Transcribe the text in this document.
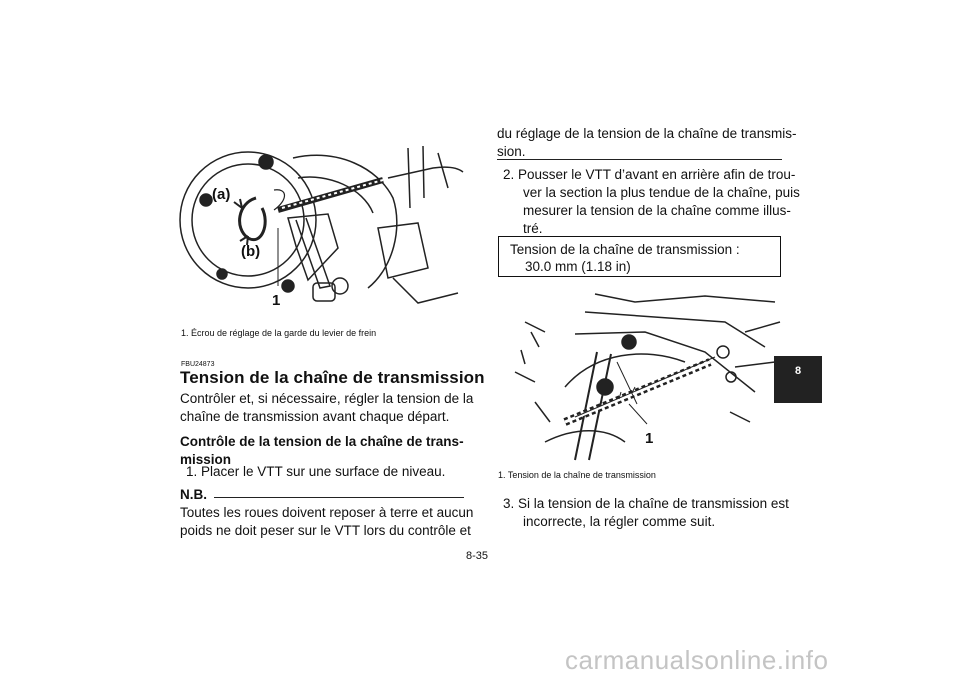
(a)
(b)
1
1. Écrou de réglage de la garde du levier de frein
FBU24873
Tension de la chaîne de transmission
Contrôler et, si nécessaire, régler la tension de la
chaîne de transmission avant chaque départ.
Contrôle de la tension de la chaîne de trans-
mission
1. Placer le VTT sur une surface de niveau.
N.B.
Toutes les roues doivent reposer à terre et aucun
poids ne doit peser sur le VTT lors du contrôle et
du réglage de la tension de la chaîne de transmis-
sion.
2. Pousser le VTT d’avant en arrière afin de trou-
ver la section la plus tendue de la chaîne, puis
mesurer la tension de la chaîne comme illus-
tré.
Tension de la chaîne de transmission :
30.0 mm (1.18 in)
1
1. Tension de la chaîne de transmission
3. Si la tension de la chaîne de transmission est
incorrecte, la régler comme suit.
8-35
8
carmanualsonline.info
